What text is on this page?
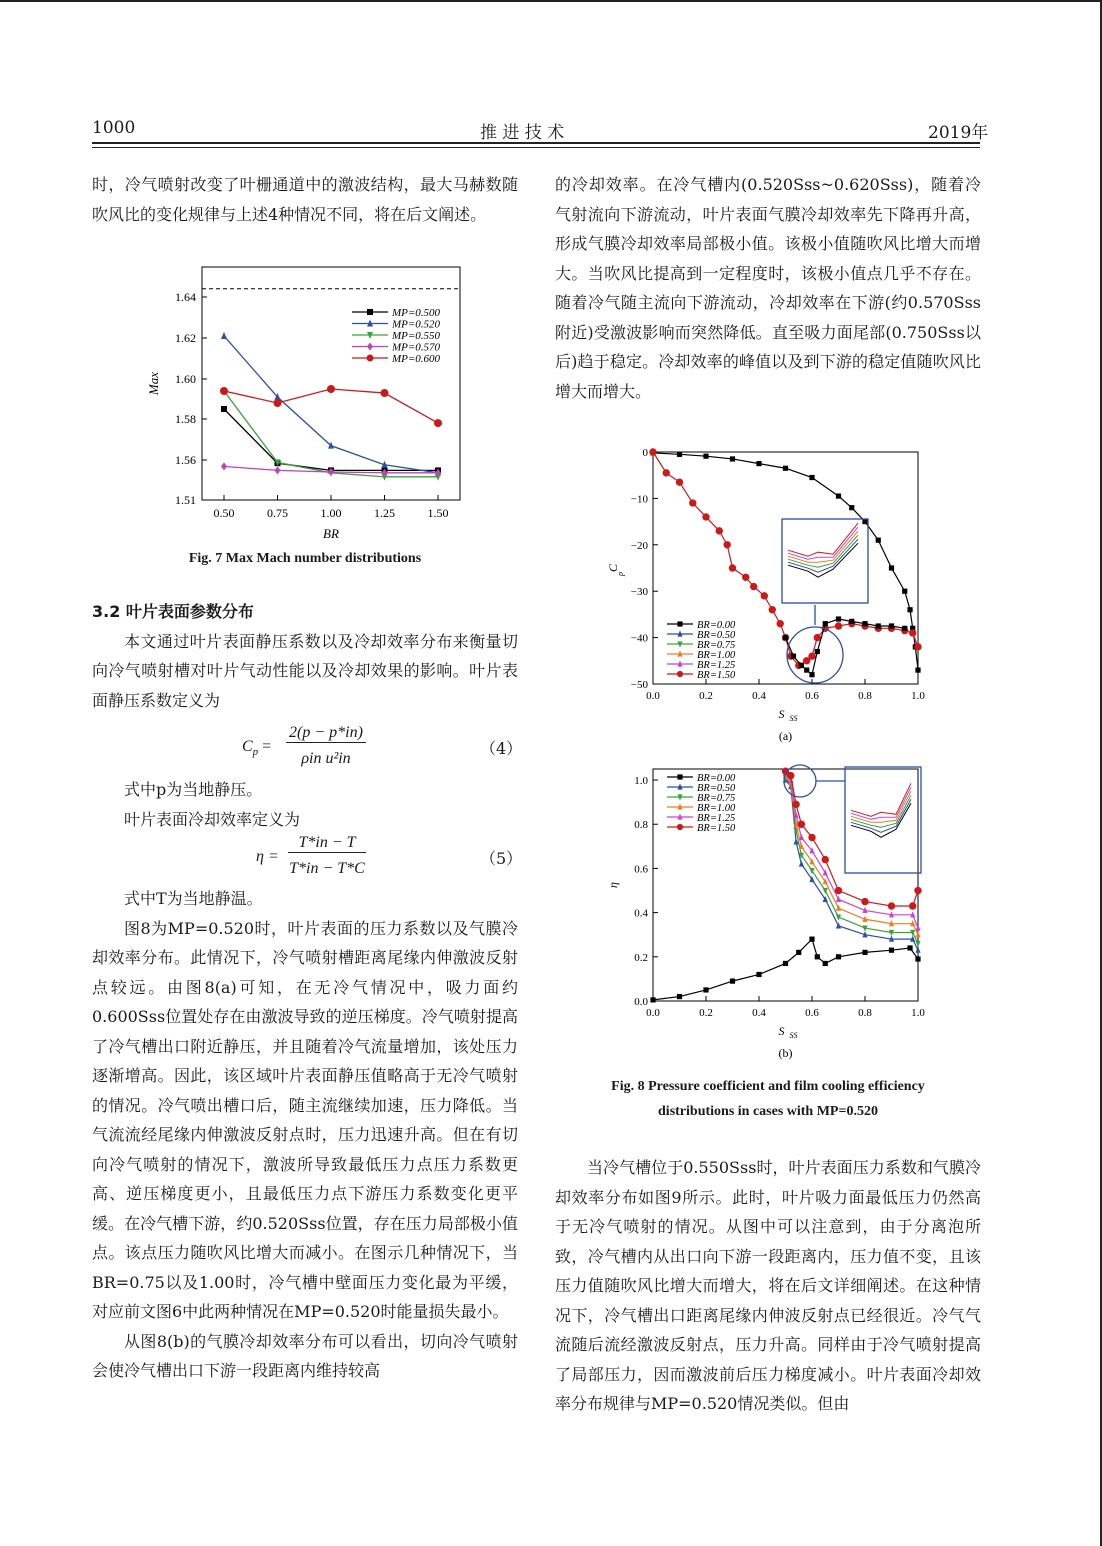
1000	推 进 技 术	2019年

时，冷气喷射改变了叶栅通道中的激波结构，最大马赫数随吹风比的变化规律与上述4种情况不同，将在后文阐述。

1.51
1.56
1.58
1.60
1.62
1.64
0.50	0.75	1.00	1.25	1.50
BR
Max
MP=0.500
MP=0.520
MP=0.550
MP=0.570
MP=0.600
Fig. 7 Max Mach number distributions

3.2 叶片表面参数分布

本文通过叶片表面静压系数以及冷却效率分布来衡量切向冷气喷射槽对叶片气动性能以及冷却效果的影响。叶片表面静压系数定义为

$C_p$ =
2(p − p*in)
ρin u²in
（4）

式中p为当地静压。

叶片表面冷却效率定义为

η =
T*in − T
T*in − T*C
（5）

式中T为当地静温。

图8为MP=0.520时，叶片表面的压力系数以及气膜冷却效率分布。此情况下，冷气喷射槽距离尾缘内伸激波反射点较远。由图8(a)可知，在无冷气情况中，吸力面约0.600Sss位置处存在由激波导致的逆压梯度。冷气喷射提高了冷气槽出口附近静压，并且随着冷气流量增加，该处压力逐渐增高。因此，该区域叶片表面静压值略高于无冷气喷射的情况。冷气喷出槽口后，随主流继续加速，压力降低。当气流流经尾缘内伸激波反射点时，压力迅速升高。但在有切向冷气喷射的情况下，激波所导致最低压力点压力系数更高、逆压梯度更小，且最低压力点下游压力系数变化更平缓。在冷气槽下游，约0.520Sss位置，存在压力局部极小值点。该点压力随吹风比增大而减小。在图示几种情况下，当BR=0.75以及1.00时，冷气槽中壁面压力变化最为平缓，对应前文图6中此两种情况在MP=0.520时能量损失最小。

从图8(b)的气膜冷却效率分布可以看出，切向冷气喷射会使冷气槽出口下游一段距离内维持较高

的冷却效率。在冷气槽内(0.520Sss~0.620Sss)，随着冷气射流向下游流动，叶片表面气膜冷却效率先下降再升高，形成气膜冷却效率局部极小值。该极小值随吹风比增大而增大。当吹风比提高到一定程度时，该极小值点几乎不存在。随着冷气随主流向下游流动，冷却效率在下游(约0.570Sss附近)受激波影响而突然降低。直至吸力面尾部(0.750Sss以后)趋于稳定。冷却效率的峰值以及到下游的稳定值随吹风比增大而增大。

0.0	0.2	0.4	0.6	0.8	1.0
0
−10
−20
−30
−40
−50
S SS
C
p
(a)
BR=0.00
BR=0.50
BR=0.75
BR=1.00
BR=1.25
BR=1.50
0.0	0.2	0.4	0.6	0.8	1.0
0.0
0.2
0.4
0.6
0.8
1.0
S SS
η
(b)
BR=0.00
BR=0.50
BR=0.75
BR=1.00
BR=1.25
BR=1.50
Fig. 8 Pressure coefficient and film cooling efficiency
distributions in cases with MP=0.520

当冷气槽位于0.550Sss时，叶片表面压力系数和气膜冷却效率分布如图9所示。此时，叶片吸力面最低压力仍然高于无冷气喷射的情况。从图中可以注意到，由于分离泡所致，冷气槽内从出口向下游一段距离内，压力值不变，且该压力值随吹风比增大而增大，将在后文详细阐述。在这种情况下，冷气槽出口距离尾缘内伸波反射点已经很近。冷气气流随后流经激波反射点，压力升高。同样由于冷气喷射提高了局部压力，因而激波前后压力梯度减小。叶片表面冷却效率分布规律与MP=0.520情况类似。但由
